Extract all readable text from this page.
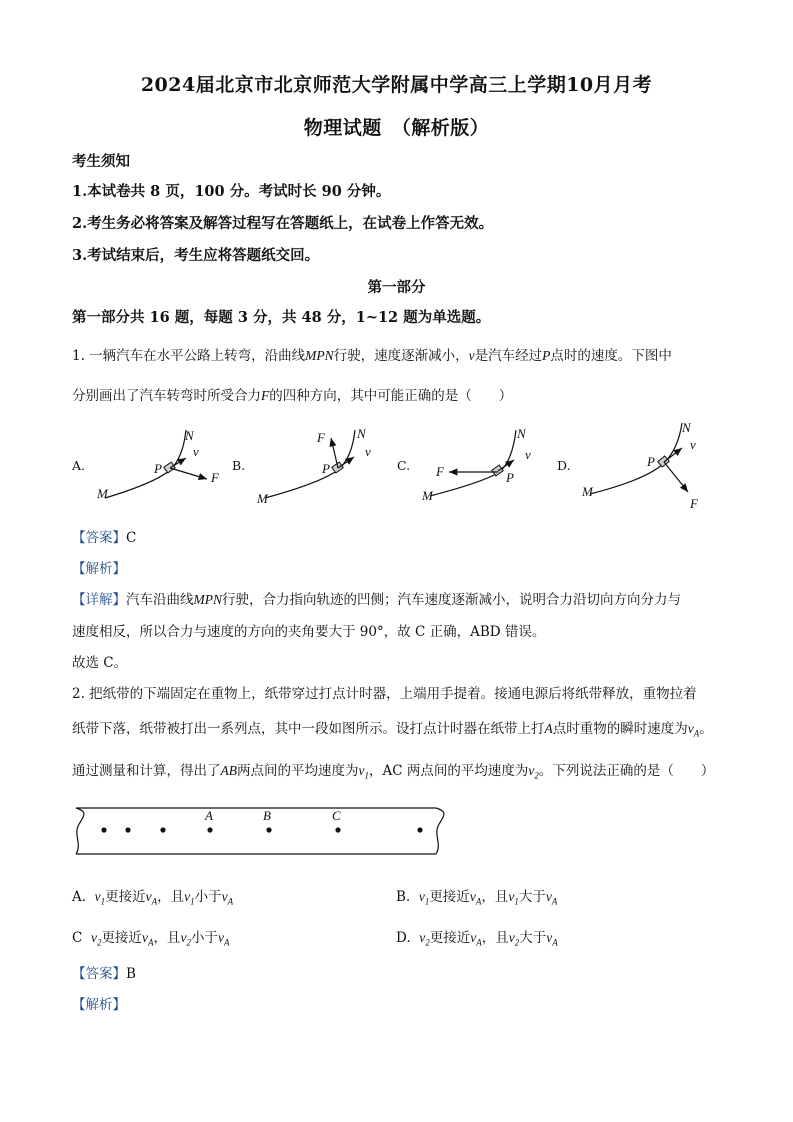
2024届北京市北京师范大学附属中学高三上学期10月月考
物理试题　（解析版）
考生须知
1.本试卷共 8 页，100 分。考试时长 90 分钟。
2.考生务必将答案及解答过程写在答题纸上，在试卷上作答无效。
3.考试结束后，考生应将答题纸交回。
第一部分
第一部分共 16 题，每题 3 分，共 48 分，1~12 题为单选题。
1. 一辆汽车在水平公路上转弯，沿曲线MPN行驶，速度逐渐减小，v是汽车经过P点时的速度。下图中
分别画出了汽车转弯时所受合力F的四种方向，其中可能正确的是（　　）
A.
M
N
P
v
F
B.
M
N
P
v
F
C.
M
N
P
v
F	D.
M
N
P
v
F
【答案】C
【解析】
【详解】汽车沿曲线MPN行驶，合力指向轨迹的凹侧；汽车速度逐渐减小，说明合力沿切向方向分力与
速度相反，所以合力与速度的方向的夹角要大于 90°，故 C 正确，ABD 错误。
故选 C。
2. 把纸带的下端固定在重物上，纸带穿过打点计时器，上端用手提着。接通电源后将纸带释放，重物拉着
纸带下落，纸带被打出一系列点，其中一段如图所示。设打点计时器在纸带上打A点时重物的瞬时速度为$v_A$。
通过测量和计算，得出了AB两点间的平均速度为$v_1$，AC 两点间的平均速度为$v_2$。下列说法正确的是（　　）
A	B	C
A. $v_1$更接近$v_A$，且$v_1$小于$v_A$	B. $v_1$更接近$v_A$，且$v_1$大于$v_A$
C $v_2$更接近$v_A$，且$v_2$小于$v_A$	D. $v_2$更接近$v_A$，且$v_2$大于$v_A$
【答案】B
【解析】
